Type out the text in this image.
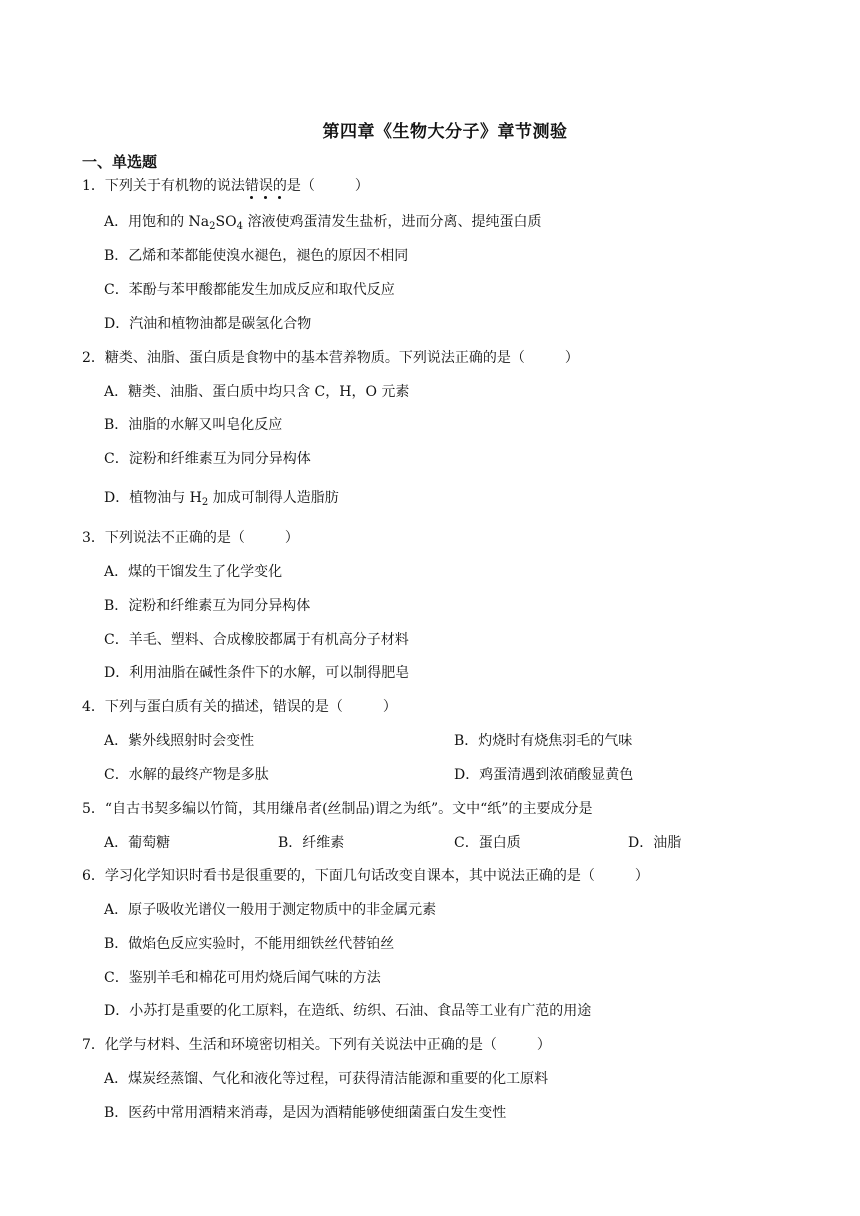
第四章《生物大分子》章节测验
一、单选题
1．下列关于有机物的说法错误的是（	）
A．用饱和的 $Na_2SO_4$ 溶液使鸡蛋清发生盐析，进而分离、提纯蛋白质
B．乙烯和苯都能使溴水褪色，褪色的原因不相同
C．苯酚与苯甲酸都能发生加成反应和取代反应
D．汽油和植物油都是碳氢化合物
2．糖类、油脂、蛋白质是食物中的基本营养物质。下列说法正确的是（	）
A．糖类、油脂、蛋白质中均只含 C，H，O 元素
B．油脂的水解又叫皂化反应
C．淀粉和纤维素互为同分异构体
D．植物油与 $H_2$ 加成可制得人造脂肪
3．下列说法不正确的是（	）
A．煤的干馏发生了化学变化
B．淀粉和纤维素互为同分异构体
C．羊毛、塑料、合成橡胶都属于有机高分子材料
D．利用油脂在碱性条件下的水解，可以制得肥皂
4．下列与蛋白质有关的描述，错误的是（	）
A．紫外线照射时会变性	B．灼烧时有烧焦羽毛的气味
C．水解的最终产物是多肽	D．鸡蛋清遇到浓硝酸显黄色
5．“自古书契多编以竹简，其用缣帛者(丝制品)谓之为纸”。文中“纸”的主要成分是
A．葡萄糖	B．纤维素	C．蛋白质	D．油脂
6．学习化学知识时看书是很重要的，下面几句话改变自课本，其中说法正确的是（	）
A．原子吸收光谱仪一般用于测定物质中的非金属元素
B．做焰色反应实验时，不能用细铁丝代替铂丝
C．鉴别羊毛和棉花可用灼烧后闻气味的方法
D．小苏打是重要的化工原料，在造纸、纺织、石油、食品等工业有广范的用途
7．化学与材料、生活和环境密切相关。下列有关说法中正确的是（	）
A．煤炭经蒸馏、气化和液化等过程，可获得清洁能源和重要的化工原料
B．医药中常用酒精来消毒，是因为酒精能够使细菌蛋白发生变性
